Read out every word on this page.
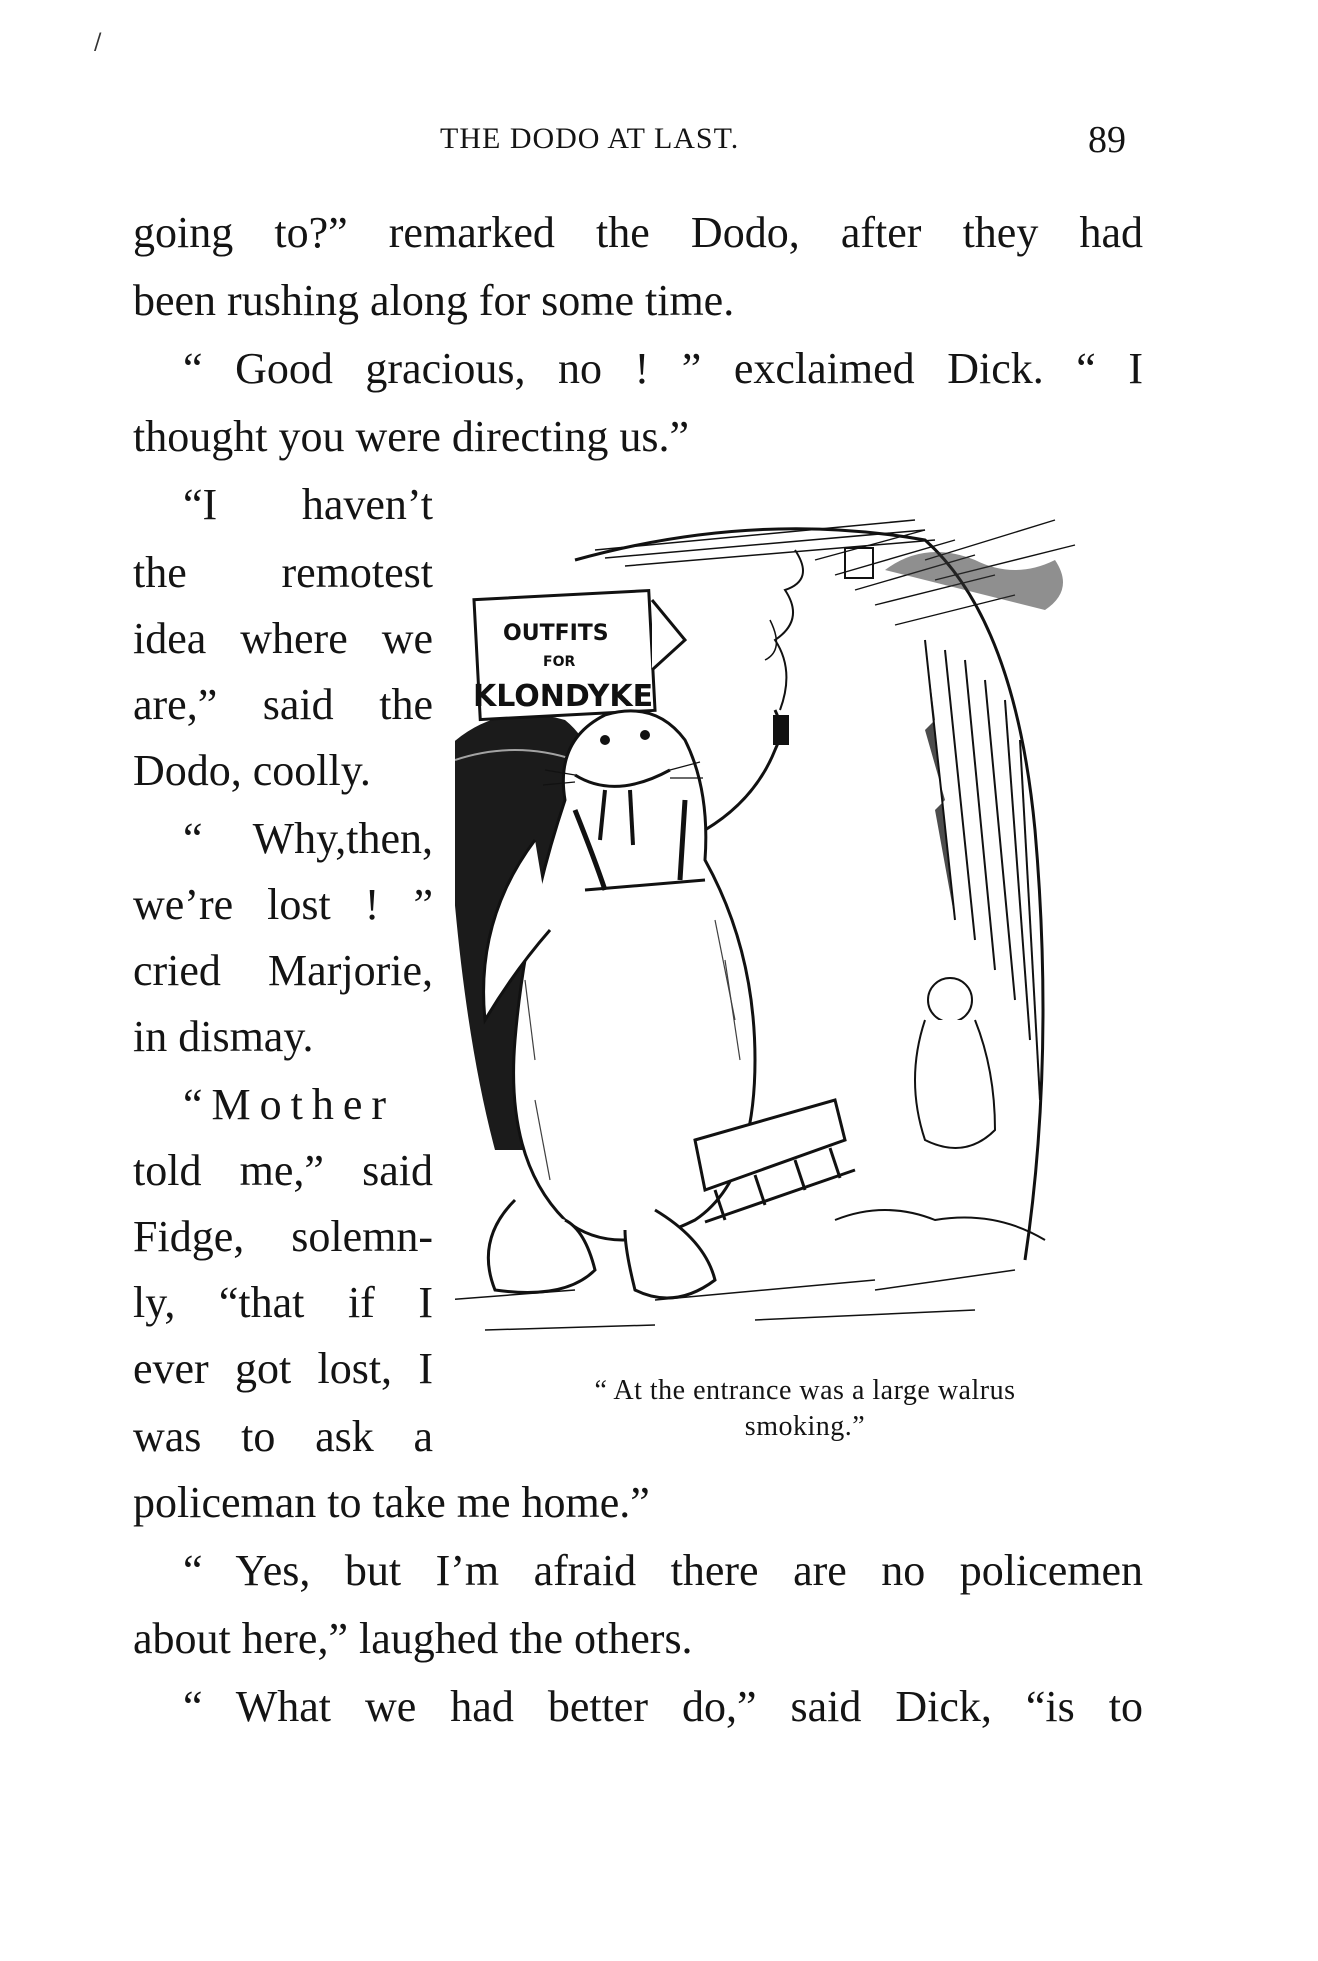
/
THE DODO AT LAST.	89
going to?” remarked the Dodo, after they had
been rushing along for some time.
“ Good gracious, no ! ” exclaimed Dick. “ I
thought you were directing us.”
“I haven’t
the remotest
idea where we
are,” said the
Dodo, coolly.
“ Why,then,
we’re lost ! ”
cried Marjorie,
in dismay.
“Mother
told me,” said
Fidge, solemn-
ly, “that if I
ever got lost, I
was to ask a
policeman to take me home.”
“ Yes, but I’m afraid there are no policemen
about here,” laughed the others.
“ What we had better do,” said Dick, “is to
OUTFITS
FOR
KLONDYKE
“ At the entrance was a large walrus
smoking.”
